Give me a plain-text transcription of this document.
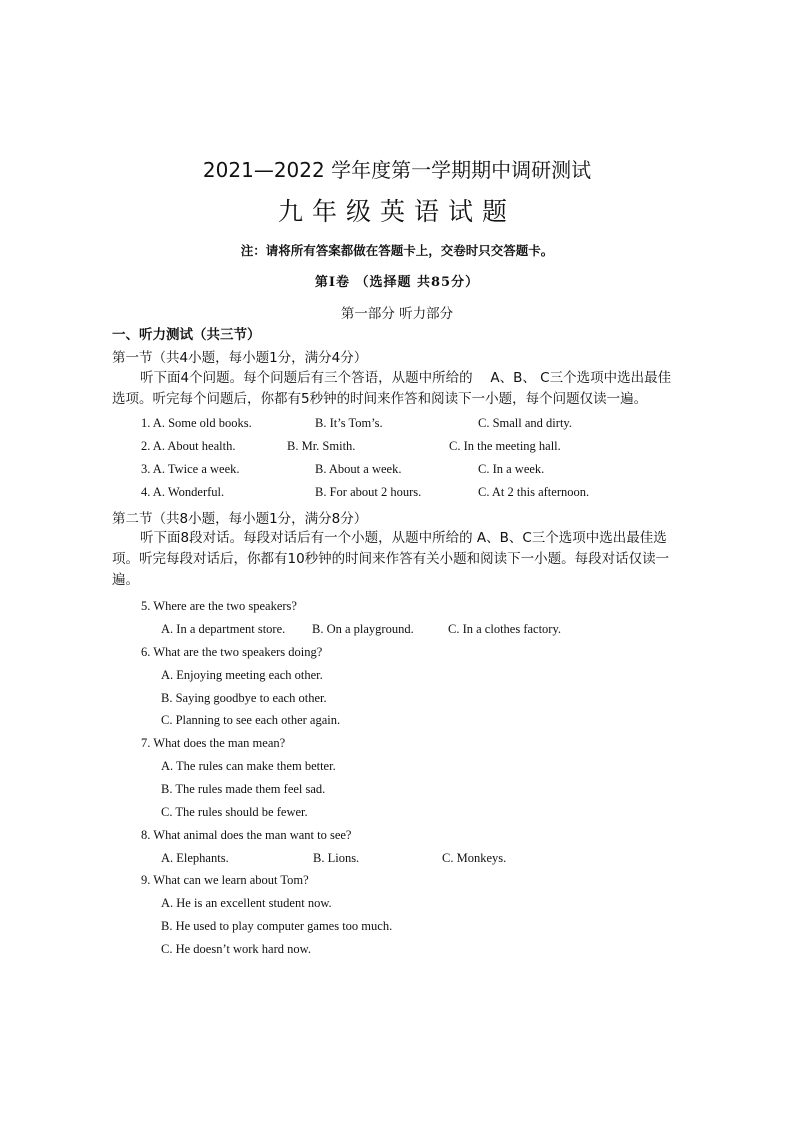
2021—2022 学年度第一学期期中调研测试
九年级英语试题
注：请将所有答案都做在答题卡上，交卷时只交答题卡。
第Ⅰ卷 （选择题 共85分）
第一部分 听力部分
一、听力测试（共三节）
第一节（共4小题，每小题1分，满分4分）
听下面4个问题。每个问题后有三个答语，从题中所给的　 A、B、 C三个选项中选出最佳选项。听完每个问题后，你都有5秒钟的时间来作答和阅读下一小题，每个问题仅读一遍。
1. A. Some old books.	B. It’s Tom’s.	C. Small and dirty.
2. A. About health.	B. Mr. Smith.	C. In the meeting hall.
3. A. Twice a week.	B. About a week.	C. In a week.
4. A. Wonderful.	B. For about 2 hours.	C. At 2 this afternoon.
第二节（共8小题，每小题1分，满分8分）
听下面8段对话。每段对话后有一个小题，从题中所给的 A、B、C三个选项中选出最佳选项。听完每段对话后，你都有10秒钟的时间来作答有关小题和阅读下一小题。每段对话仅读一遍。
5. Where are the two speakers?
A. In a department store. B. On a playground.	C. In a clothes factory.
6. What are the two speakers doing?
A. Enjoying meeting each other.
B. Saying goodbye to each other.
C. Planning to see each other again.
7. What does the man mean?
A. The rules can make them better.
B. The rules made them feel sad.
C. The rules should be fewer.
8. What animal does the man want to see?
A. Elephants.	B. Lions.	C. Monkeys.
9. What can we learn about Tom?
A. He is an excellent student now.
B. He used to play computer games too much.
C. He doesn’t work hard now.
